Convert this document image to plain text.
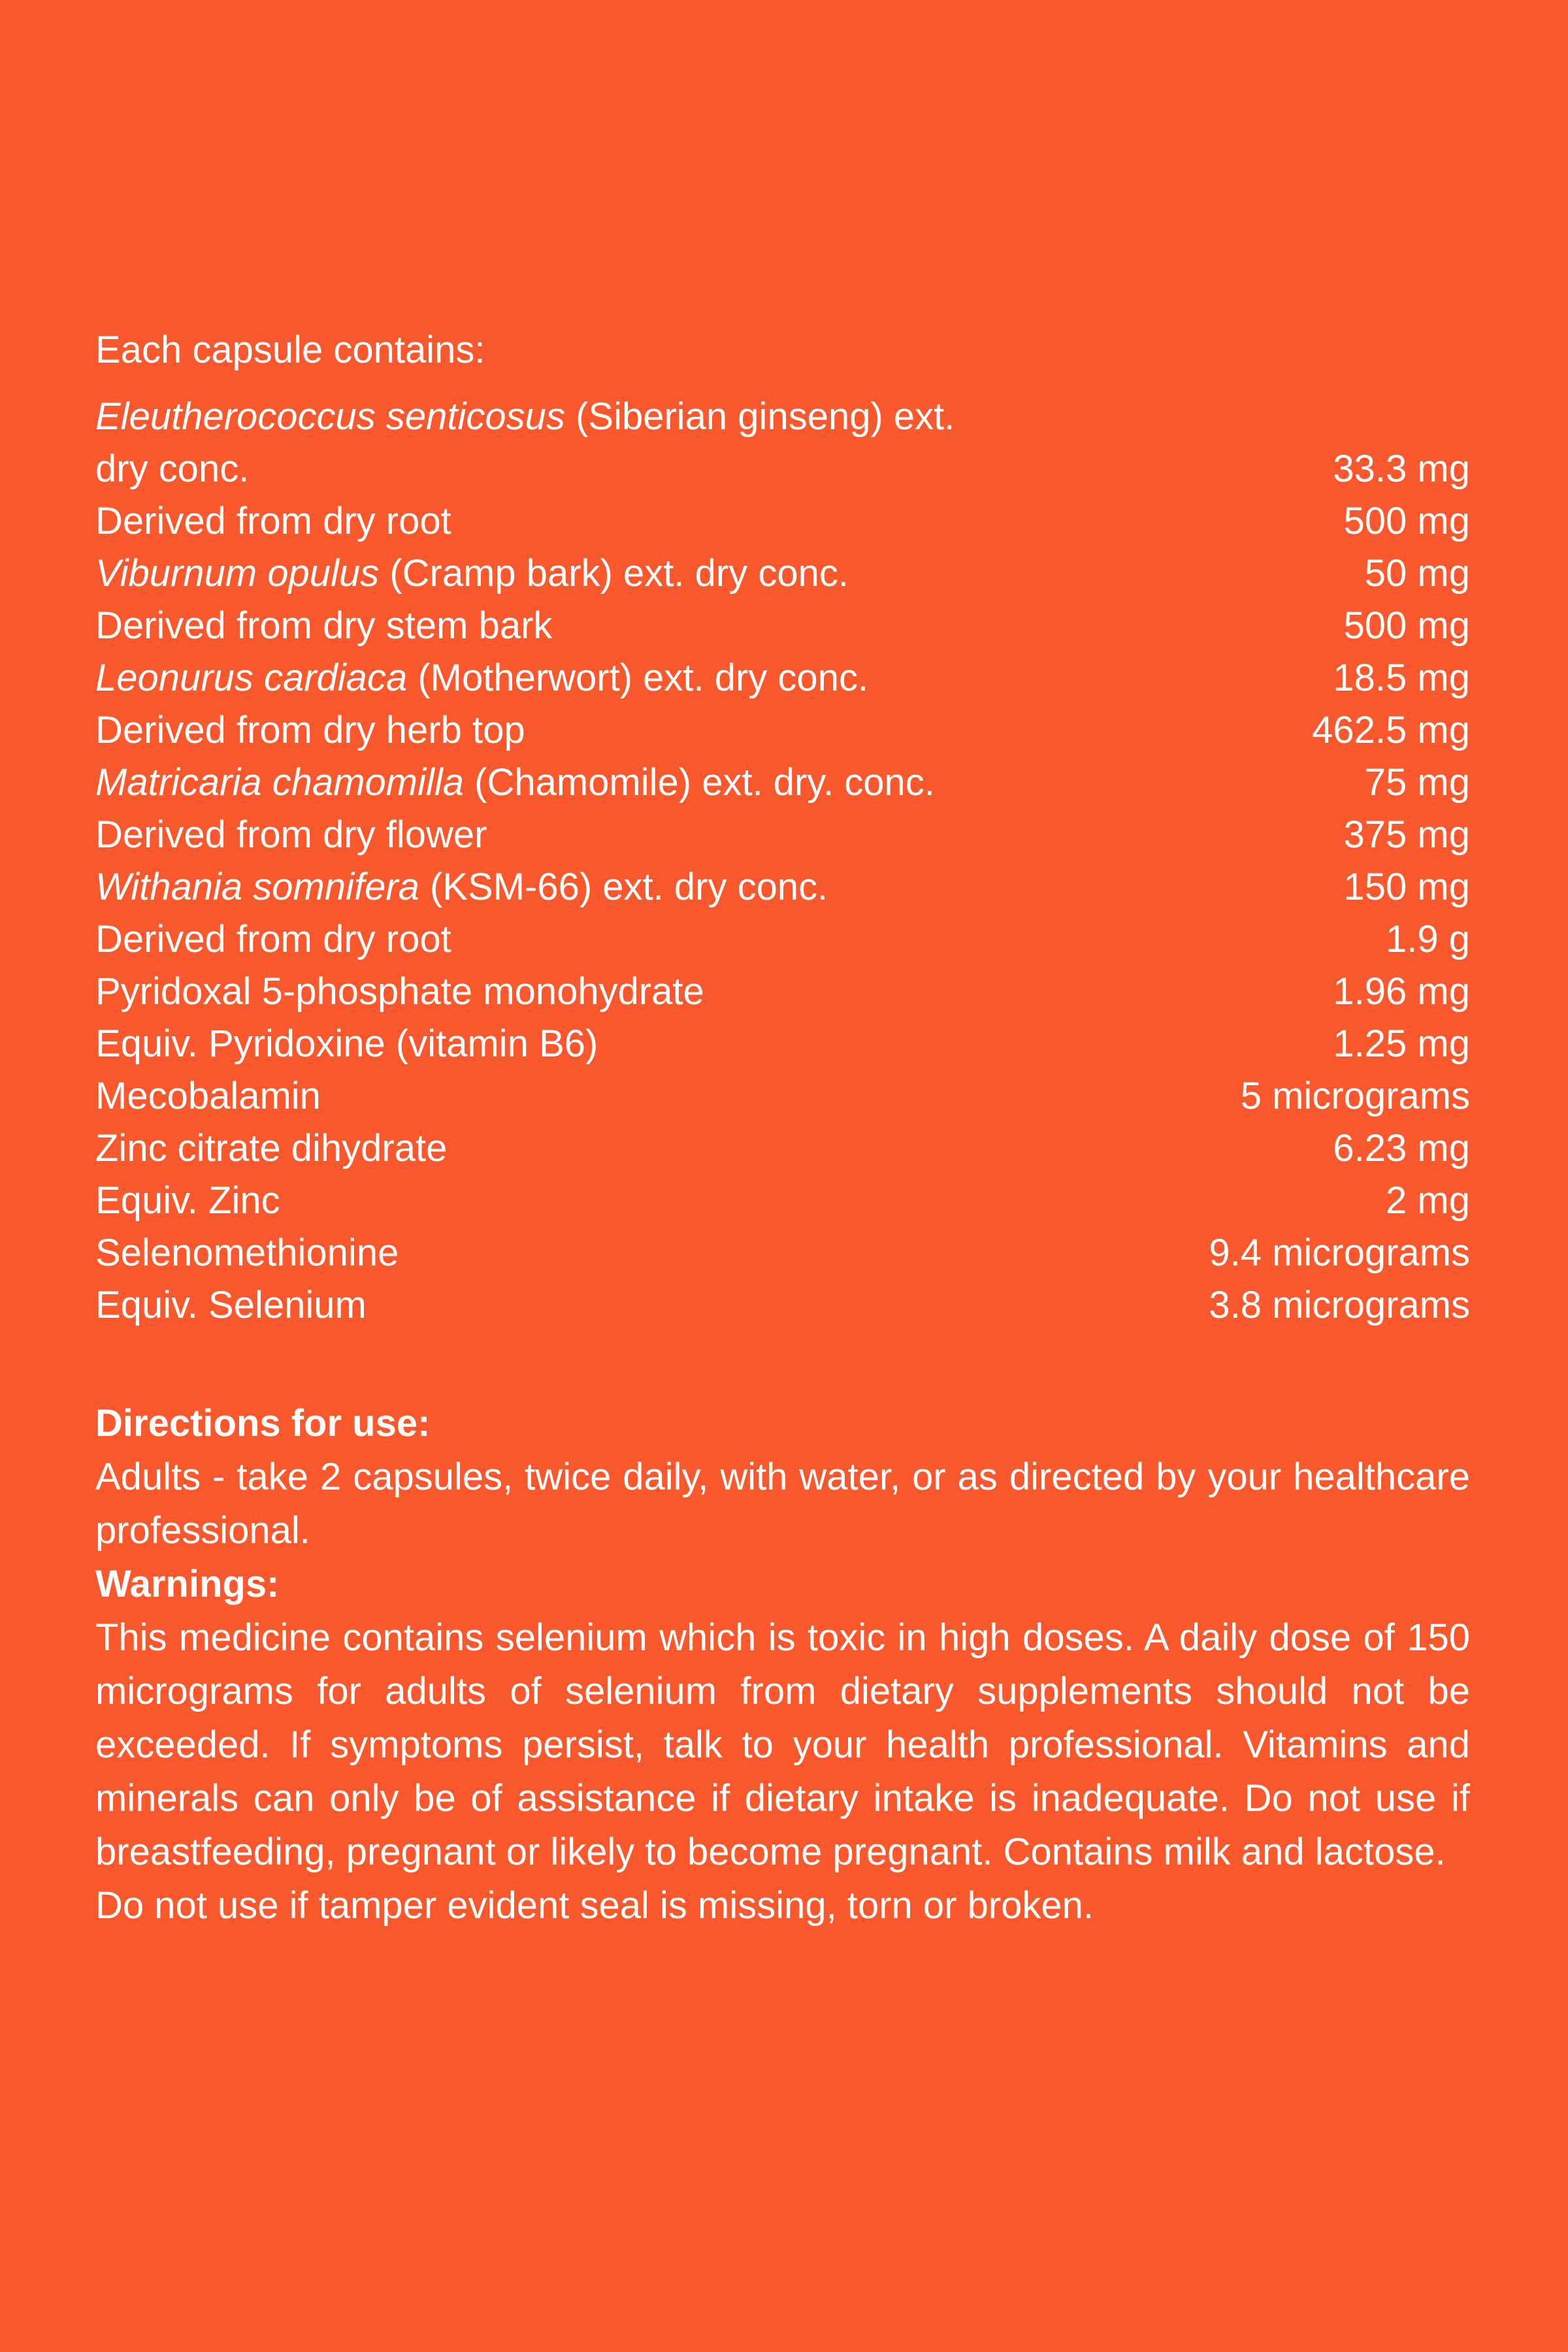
Each capsule contains:
Eleutherococcus senticosus (Siberian ginseng) ext.
dry conc.	33.3 mg
Derived from dry root	500 mg
Viburnum opulus (Cramp bark) ext. dry conc.	50 mg
Derived from dry stem bark	500 mg
Leonurus cardiaca (Motherwort) ext. dry conc.	18.5 mg
Derived from dry herb top	462.5 mg
Matricaria chamomilla (Chamomile) ext. dry. conc.	75 mg
Derived from dry flower	375 mg
Withania somnifera (KSM-66) ext. dry conc.	150 mg
Derived from dry root	1.9 g
Pyridoxal 5-phosphate monohydrate	1.96 mg
Equiv. Pyridoxine (vitamin B6)	1.25 mg
Mecobalamin	5 micrograms
Zinc citrate dihydrate	6.23 mg
Equiv. Zinc	2 mg
Selenomethionine	9.4 micrograms
Equiv. Selenium	3.8 micrograms

Directions for use:

Adults - take 2 capsules, twice daily, with water, or as directed by your healthcare professional.

Warnings:

This medicine contains selenium which is toxic in high doses. A daily dose of 150 micrograms for adults of selenium from dietary supplements should not be exceeded. If symptoms persist, talk to your health professional. Vitamins and minerals can only be of assistance if dietary intake is inadequate. Do not use if breastfeeding, pregnant or likely to become pregnant. Contains milk and lactose.

Do not use if tamper evident seal is missing, torn or broken.
